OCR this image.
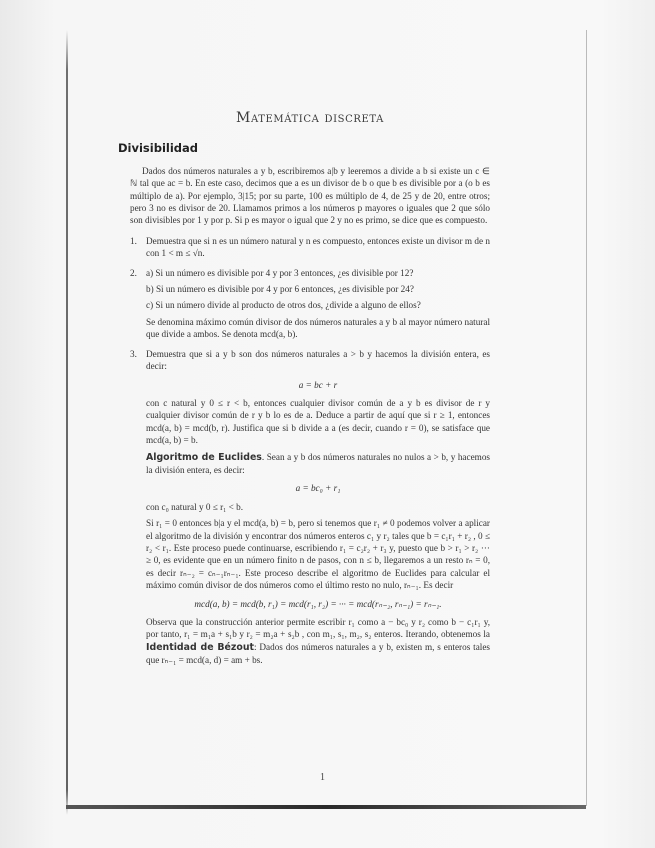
Matemática discreta
Divisibilidad

Dados dos números naturales a y b, escribiremos a|b y leeremos a divide a b si existe un c ∈ ℕ tal que ac = b. En este caso, decimos que a es un divisor de b o que b es divisible por a (o b es múltiplo de a). Por ejemplo, 3|15; por su parte, 100 es múltiplo de 4, de 25 y de 20, entre otros; pero 3 no es divisor de 20. Llamamos primos a los números p mayores o iguales que 2 que sólo son divisibles por 1 y por p. Si p es mayor o igual que 2 y no es primo, se dice que es compuesto.

1. Demuestra que si n es un número natural y n es compuesto, entonces existe un divisor m de n con 1 < m ≤ √n.

2. a) Si un número es divisible por 4 y por 3 entonces, ¿es divisible por 12?

b) Si un número es divisible por 4 y por 6 entonces, ¿es divisible por 24?

c) Si un número divide al producto de otros dos, ¿divide a alguno de ellos?

Se denomina máximo común divisor de dos números naturales a y b al mayor número natural que divide a ambos. Se denota mcd(a, b).

3. Demuestra que si a y b son dos números naturales a > b y hacemos la división entera, es decir:

a = bc + r

con c natural y 0 ≤ r < b, entonces cualquier divisor común de a y b es divisor de r y cualquier divisor común de r y b lo es de a. Deduce a partir de aquí que si r ≥ 1, entonces mcd(a, b) = mcd(b, r). Justifica que si b divide a a (es decir, cuando r = 0), se satisface que mcd(a, b) = b.

Algoritmo de Euclides. Sean a y b dos números naturales no nulos a > b, y hacemos la división entera, es decir:

a = bc₀ + r₁

con c₀ natural y 0 ≤ r₁ < b.

Si r₁ = 0 entonces b|a y el mcd(a, b) = b, pero si tenemos que r₁ ≠ 0 podemos volver a aplicar el algoritmo de la división y encontrar dos números enteros c₁ y r₂ tales que b = c₁r₁ + r₂ , 0 ≤ r₂ < r₁. Este proceso puede continuarse, escribiendo r₁ = c₂r₂ + r₃ y, puesto que b > r₁ > r₂ ··· ≥ 0, es evidente que en un número finito n de pasos, con n ≤ b, llegaremos a un resto rₙ = 0, es decir rₙ₋₂ = cₙ₋₁rₙ₋₁. Este proceso describe el algoritmo de Euclides para calcular el máximo común divisor de dos números como el último resto no nulo, rₙ₋₁. Es decir

mcd(a, b) = mcd(b, r₁) = mcd(r₁, r₂) = ··· = mcd(rₙ₋₂, rₙ₋₁) = rₙ₋₁.

Observa que la construcción anterior permite escribir r₁ como a − bc₀ y r₂ como b − c₁r₁ y, por tanto, r₁ = m₁a + s₁b y r₂ = m₂a + s₂b , con m₁, s₁, m₂, s₂ enteros. Iterando, obtenemos la Identidad de Bézout: Dados dos números naturales a y b, existen m, s enteros tales que rₙ₋₁ = mcd(a, d) = am + bs.

1
